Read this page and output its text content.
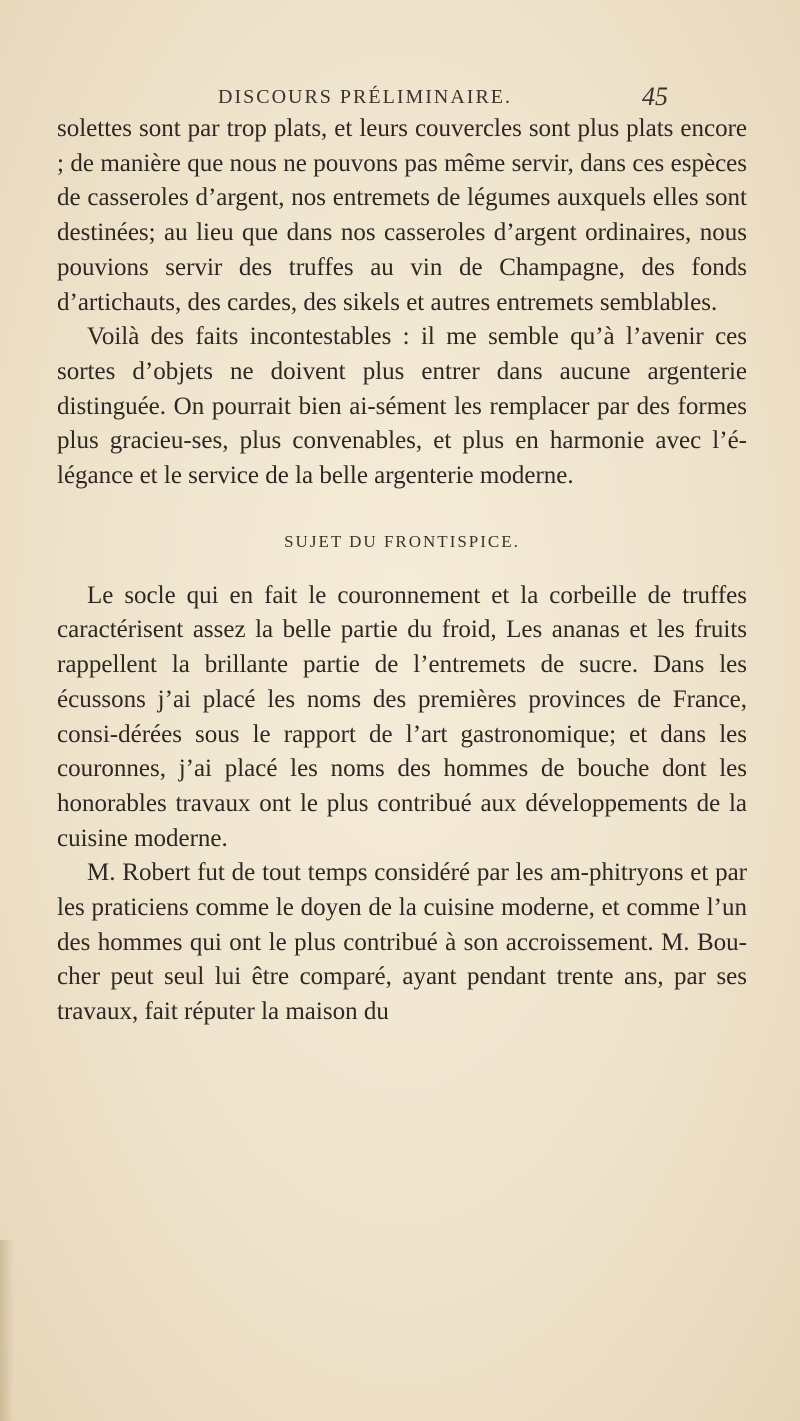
DISCOURS PRÉLIMINAIRE.	45

solettes sont par trop plats, et leurs couvercles sont plus plats encore ; de manière que nous ne pouvons pas même servir, dans ces espèces de casseroles d’argent, nos entremets de légumes auxquels elles sont destinées; au lieu que dans nos casseroles d’argent ordinaires, nous pouvions servir des truffes au vin de Champagne, des fonds d’artichauts, des cardes, des sikels et autres entremets semblables.

Voilà des faits incontestables : il me semble qu’à l’avenir ces sortes d’objets ne doivent plus entrer dans aucune argenterie distinguée. On pourrait bien ai-sément les remplacer par des formes plus gracieu-ses, plus convenables, et plus en harmonie avec l’é-légance et le service de la belle argenterie moderne.

SUJET DU FRONTISPICE.

Le socle qui en fait le couronnement et la corbeille de truffes caractérisent assez la belle partie du froid, Les ananas et les fruits rappellent la brillante partie de l’entremets de sucre. Dans les écussons j’ai placé les noms des premières provinces de France, consi-dérées sous le rapport de l’art gastronomique; et dans les couronnes, j’ai placé les noms des hommes de bouche dont les honorables travaux ont le plus contribué aux développements de la cuisine moderne.

M. Robert fut de tout temps considéré par les am-phitryons et par les praticiens comme le doyen de la cuisine moderne, et comme l’un des hommes qui ont le plus contribué à son accroissement. M. Bou-cher peut seul lui être comparé, ayant pendant trente ans, par ses travaux, fait réputer la maison du
